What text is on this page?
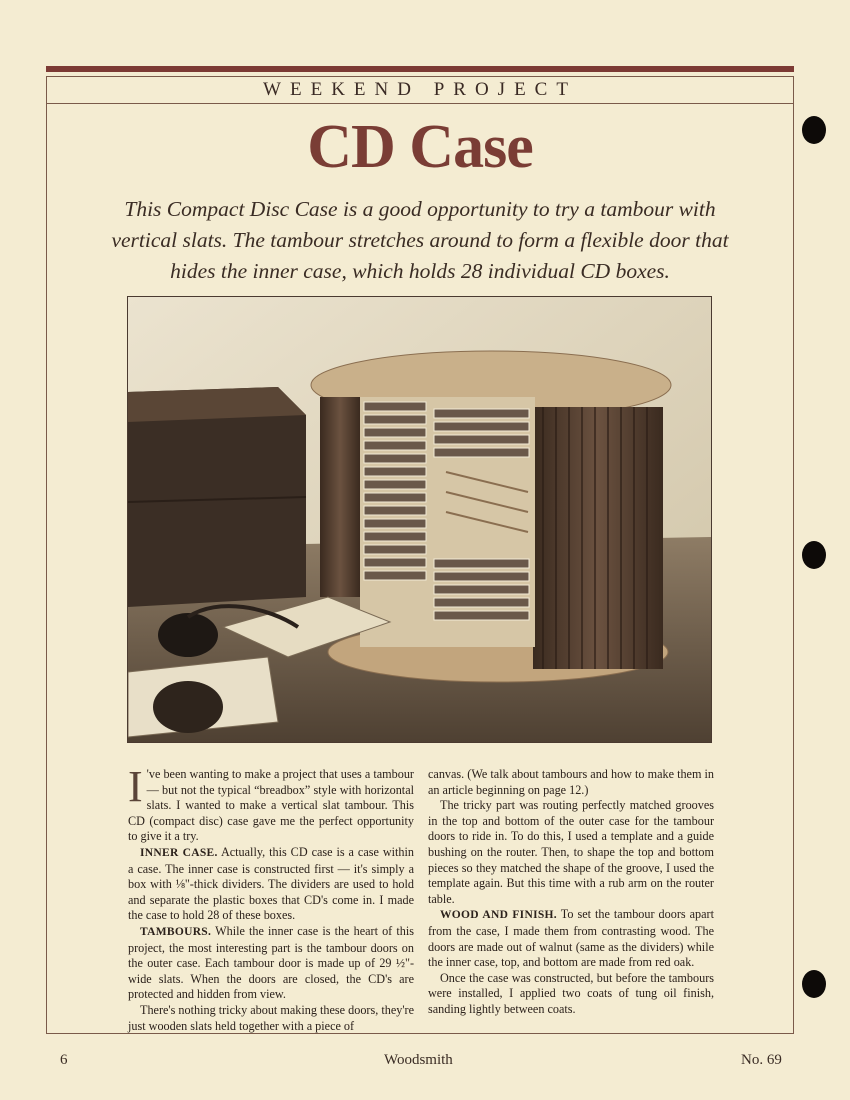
WEEKEND PROJECT
CD Case
This Compact Disc Case is a good opportunity to try a tambour with vertical slats. The tambour stretches around to form a flexible door that hides the inner case, which holds 28 individual CD boxes.

I 've been wanting to make a project that uses a tambour — but not the typical “breadbox” style with horizontal slats. I wanted to make a vertical slat tambour. This CD (compact disc) case gave me the perfect opportunity to give it a try.

INNER CASE. Actually, this CD case is a case within a case. The inner case is constructed first — it's simply a box with ⅛"-thick dividers. The dividers are used to hold and separate the plastic boxes that CD's come in. I made the case to hold 28 of these boxes.

TAMBOURS. While the inner case is the heart of this project, the most interesting part is the tambour doors on the outer case. Each tambour door is made up of 29 ½"-wide slats. When the doors are closed, the CD's are protected and hidden from view.

There's nothing tricky about making these doors, they're just wooden slats held together with a piece of

canvas. (We talk about tambours and how to make them in an article beginning on page 12.)

The tricky part was routing perfectly matched grooves in the top and bottom of the outer case for the tambour doors to ride in. To do this, I used a template and a guide bushing on the router. Then, to shape the top and bottom pieces so they matched the shape of the groove, I used the template again. But this time with a rub arm on the router table.

WOOD AND FINISH. To set the tambour doors apart from the case, I made them from contrasting wood. The doors are made out of walnut (same as the dividers) while the inner case, top, and bottom are made from red oak.

Once the case was constructed, but before the tambours were installed, I applied two coats of tung oil finish, sanding lightly between coats.

6	Woodsmith	No. 69
